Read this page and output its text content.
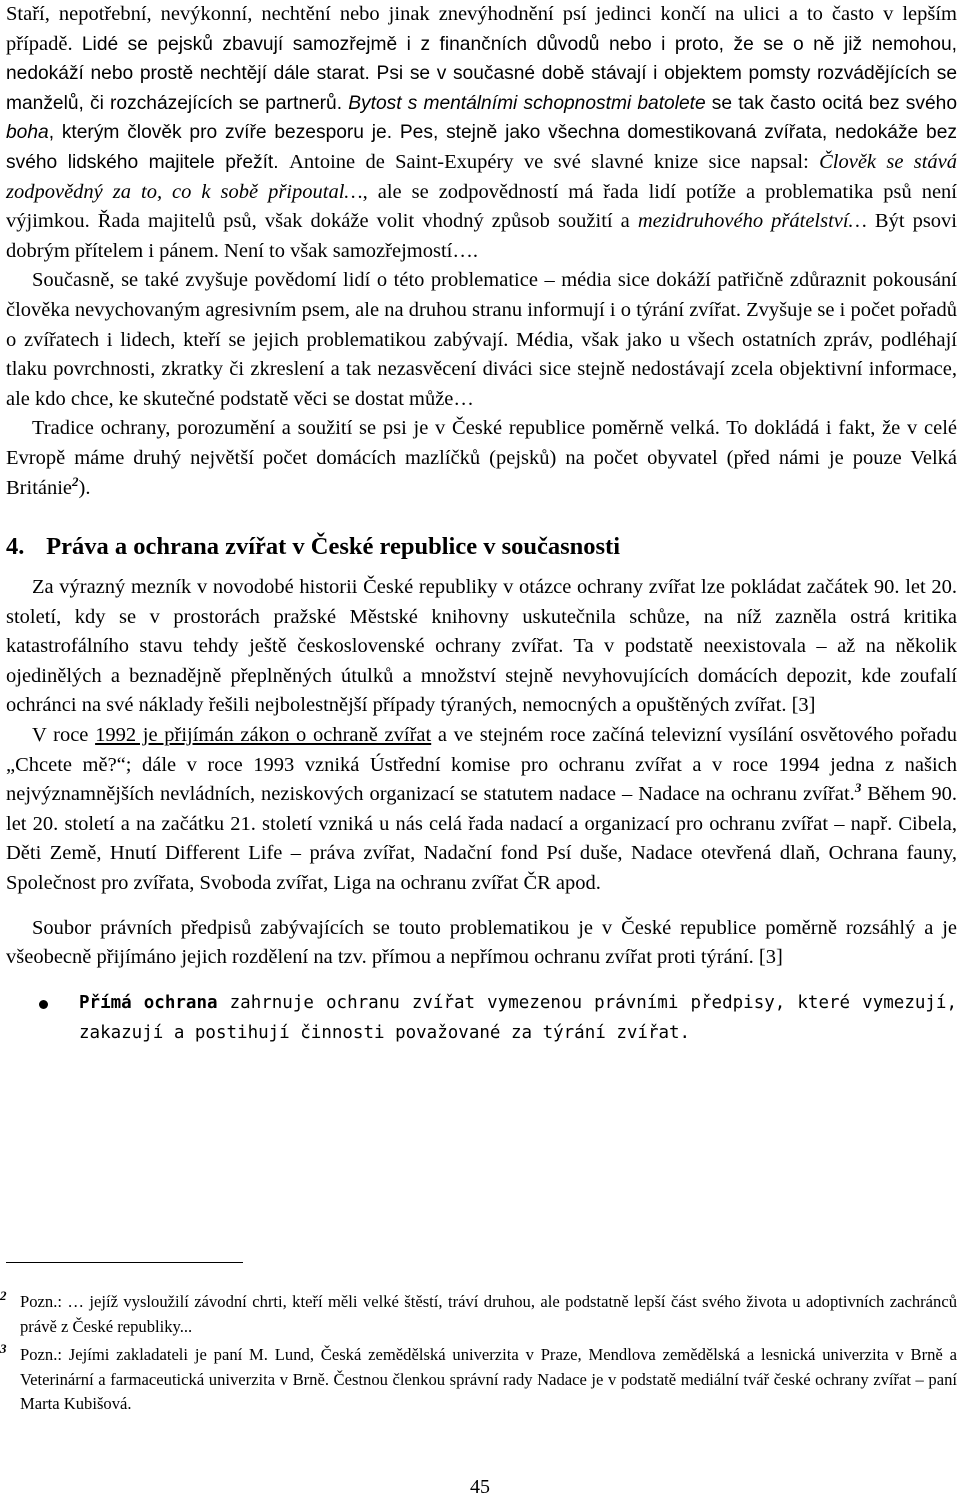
Staří, nepotřební, nevýkonní, nechtění nebo jinak znevýhodnění psí jedinci končí na ulici a to často v lepším případě. Lidé se pejsků zbavují samozřejmě i z finančních důvodů nebo i proto, že se o ně již nemohou, nedokáží nebo prostě nechtějí dále starat. Psi se v současné době stávají i objektem pomsty rozvádějících se manželů, či rozcházejících se partnerů. Bytost s mentálními schopnostmi batolete se tak často ocitá bez svého boha, kterým člověk pro zvíře bezesporu je. Pes, stejně jako všechna domestikovaná zvířata, nedokáže bez svého lidského majitele přežít. Antoine de Saint-Exupéry ve své slavné knize sice napsal: Člověk se stává zodpovědný za to, co k sobě připoutal…, ale se zodpovědností má řada lidí potíže a problematika psů není výjimkou. Řada majitelů psů, však dokáže volit vhodný způsob soužití a mezidruhového přátelství… Být psovi dobrým přítelem i pánem. Není to však samozřejmostí….

Současně, se také zvyšuje povědomí lidí o této problematice – média sice dokáží patřičně zdůraznit pokousání člověka nevychovaným agresivním psem, ale na druhou stranu informují i o týrání zvířat. Zvyšuje se i počet pořadů o zvířatech i lidech, kteří se jejich problematikou zabývají. Média, však jako u všech ostatních zpráv, podléhají tlaku povrchnosti, zkratky či zkreslení a tak nezasvěcení diváci sice stejně nedostávají zcela objektivní informace, ale kdo chce, ke skutečné podstatě věci se dostat může…

Tradice ochrany, porozumění a soužití se psi je v České republice poměrně velká. To dokládá i fakt, že v celé Evropě máme druhý největší počet domácích mazlíčků (pejsků) na počet obyvatel (před námi je pouze Velká Británie$^2$).

4. Práva a ochrana zvířat v České republice v současnosti

Za výrazný mezník v novodobé historii České republiky v otázce ochrany zvířat lze pokládat začátek 90. let 20. století, kdy se v prostorách pražské Městské knihovny uskutečnila schůze, na níž zazněla ostrá kritika katastrofálního stavu tehdy ještě československé ochrany zvířat. Ta v podstatě neexistovala – až na několik ojedinělých a beznadějně přeplněných útulků a množství stejně nevyhovujících domácích depozit, kde zoufalí ochránci na své náklady řešili nejbolestnější případy týraných, nemocných a opuštěných zvířat. [3]

V roce 1992 je přijímán zákon o ochraně zvířat a ve stejném roce začíná televizní vysílání osvětového pořadu „Chcete mě?“; dále v roce 1993 vzniká Ústřední komise pro ochranu zvířat a v roce 1994 jedna z našich nejvýznamnějších nevládních, neziskových organizací se statutem nadace – Nadace na ochranu zvířat.$^3$ Během 90. let 20. století a na začátku 21. století vzniká u nás celá řada nadací a organizací pro ochranu zvířat – např. Cibela, Děti Země, Hnutí Different Life – práva zvířat, Nadační fond Psí duše, Nadace otevřená dlaň, Ochrana fauny, Společnost pro zvířata, Svoboda zvířat, Liga na ochranu zvířat ČR apod.

Soubor právních předpisů zabývajících se touto problematikou je v České republice poměrně rozsáhlý a je všeobecně přijímáno jejich rozdělení na tzv. přímou a nepřímou ochranu zvířat proti týrání. [3]

Přímá ochrana zahrnuje ochranu zvířat vymezenou právními předpisy, které vymezují, zakazují a postihují činnosti považované za týrání zvířat.

2 Pozn.: … jejíž vysloužilí závodní chrti, kteří měli velké štěstí, tráví druhou, ale podstatně lepší část svého života u adoptivních zachránců právě z České republiky...
3 Pozn.: Jejími zakladateli je paní M. Lund, Česká zemědělská univerzita v Praze, Mendlova zemědělská a lesnická univerzita v Brně a Veterinární a farmaceutická univerzita v Brně. Čestnou členkou správní rady Nadace je v podstatě mediální tvář české ochrany zvířat – paní Marta Kubišová.
45
